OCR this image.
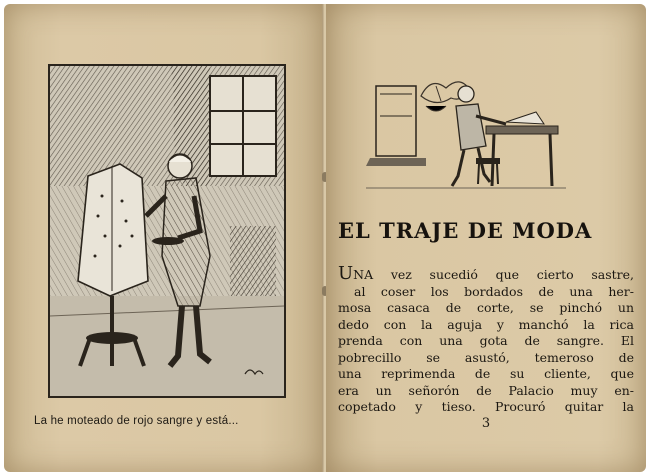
La he moteado de rojo sangre y está...
EL TRAJE DE MODA
UNA vez sucedió que cierto sastre,
al coser los bordados de una her-
mosa casaca de corte, se pinchó un
dedo con la aguja y manchó la rica
prenda con una gota de sangre. El
pobrecillo se asustó, temeroso de
una reprimenda de su cliente, que
era un señorón de Palacio muy en-
copetado y tieso. Procuró quitar la
3
